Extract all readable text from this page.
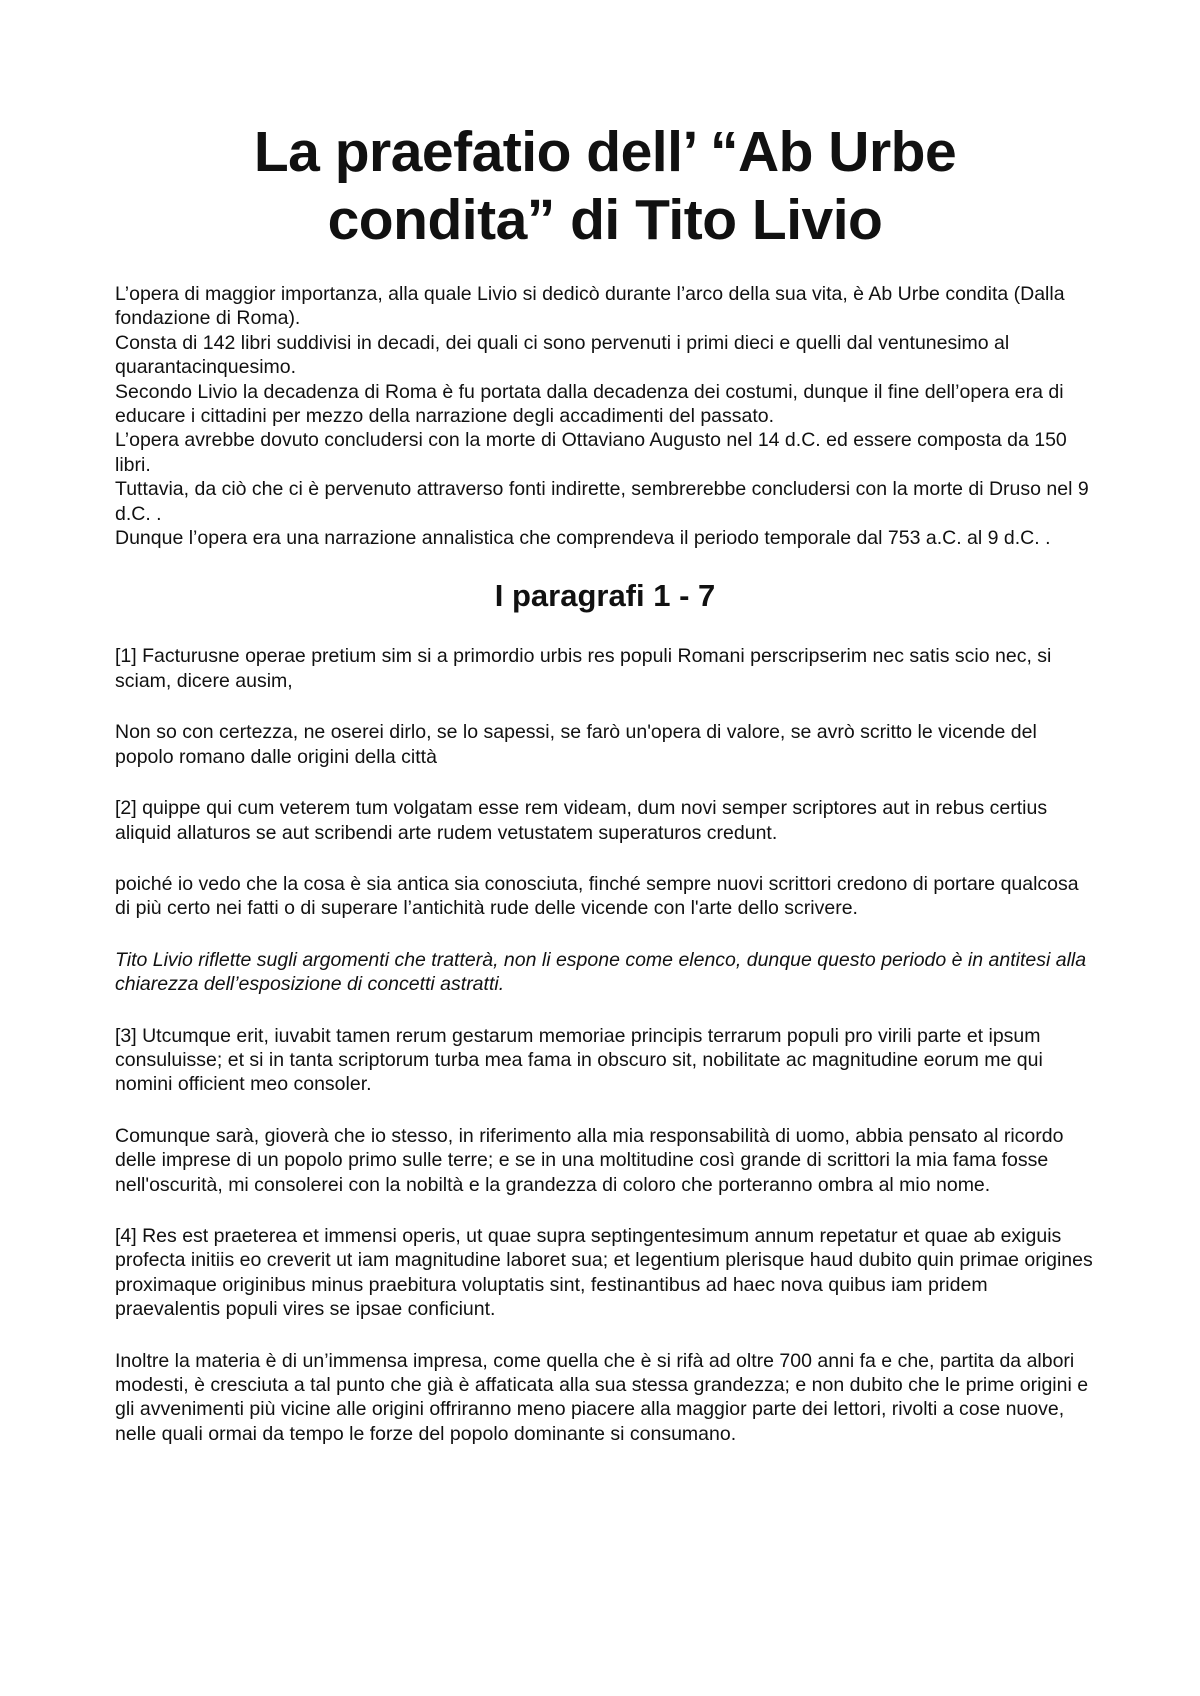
La praefatio dell’ “Ab Urbe
condita” di Tito Livio
L’opera di maggior importanza, alla quale Livio si dedicò durante l’arco della sua vita, è Ab Urbe condita (Dalla fondazione di Roma).
Consta di 142 libri suddivisi in decadi, dei quali ci sono pervenuti i primi dieci e quelli dal ventunesimo al quarantacinquesimo.
Secondo Livio la decadenza di Roma è fu portata dalla decadenza dei costumi, dunque il fine dell’opera era di educare i cittadini per mezzo della narrazione degli accadimenti del passato.
L’opera avrebbe dovuto concludersi con la morte di Ottaviano Augusto nel 14 d.C. ed essere composta da 150 libri.
Tuttavia, da ciò che ci è pervenuto attraverso fonti indirette, sembrerebbe concludersi con la morte di Druso nel 9 d.C. .
Dunque l’opera era una narrazione annalistica che comprendeva il periodo temporale dal 753 a.C. al 9 d.C. .
I paragrafi 1 - 7

[1] Facturusne operae pretium sim si a primordio urbis res populi Romani perscripserim nec satis scio nec, si sciam, dicere ausim,

Non so con certezza, ne oserei dirlo, se lo sapessi, se farò un'opera di valore, se avrò scritto le vicende del popolo romano dalle origini della città

[2] quippe qui cum veterem tum volgatam esse rem videam, dum novi semper scriptores aut in rebus certius aliquid allaturos se aut scribendi arte rudem vetustatem superaturos credunt.

poiché io vedo che la cosa è sia antica sia conosciuta, finché sempre nuovi scrittori credono di portare qualcosa di più certo nei fatti o di superare l’antichità rude delle vicende con l'arte dello scrivere.

Tito Livio riflette sugli argomenti che tratterà, non li espone come elenco, dunque questo periodo è in antitesi alla chiarezza dell’esposizione di concetti astratti.

[3] Utcumque erit, iuvabit tamen rerum gestarum memoriae principis terrarum populi pro virili parte et ipsum consuluisse; et si in tanta scriptorum turba mea fama in obscuro sit, nobilitate ac magnitudine eorum me qui nomini officient meo consoler.

Comunque sarà, gioverà che io stesso, in riferimento alla mia responsabilità di uomo, abbia pensato al ricordo delle imprese di un popolo primo sulle terre; e se in una moltitudine così grande di scrittori la mia fama fosse nell'oscurità, mi consolerei con la nobiltà e la grandezza di coloro che porteranno ombra al mio nome.

[4] Res est praeterea et immensi operis, ut quae supra septingentesimum annum repetatur et quae ab exiguis profecta initiis eo creverit ut iam magnitudine laboret sua; et legentium plerisque haud dubito quin primae origines proximaque originibus minus praebitura voluptatis sint, festinantibus ad haec nova quibus iam pridem praevalentis populi vires se ipsae conficiunt.

Inoltre la materia è di un’immensa impresa, come quella che è si rifà ad oltre 700 anni fa e che, partita da albori modesti, è cresciuta a tal punto che già è affaticata alla sua stessa grandezza; e non dubito che le prime origini e gli avvenimenti più vicine alle origini offriranno meno piacere alla maggior parte dei lettori, rivolti a cose nuove, nelle quali ormai da tempo le forze del popolo dominante si consumano.
